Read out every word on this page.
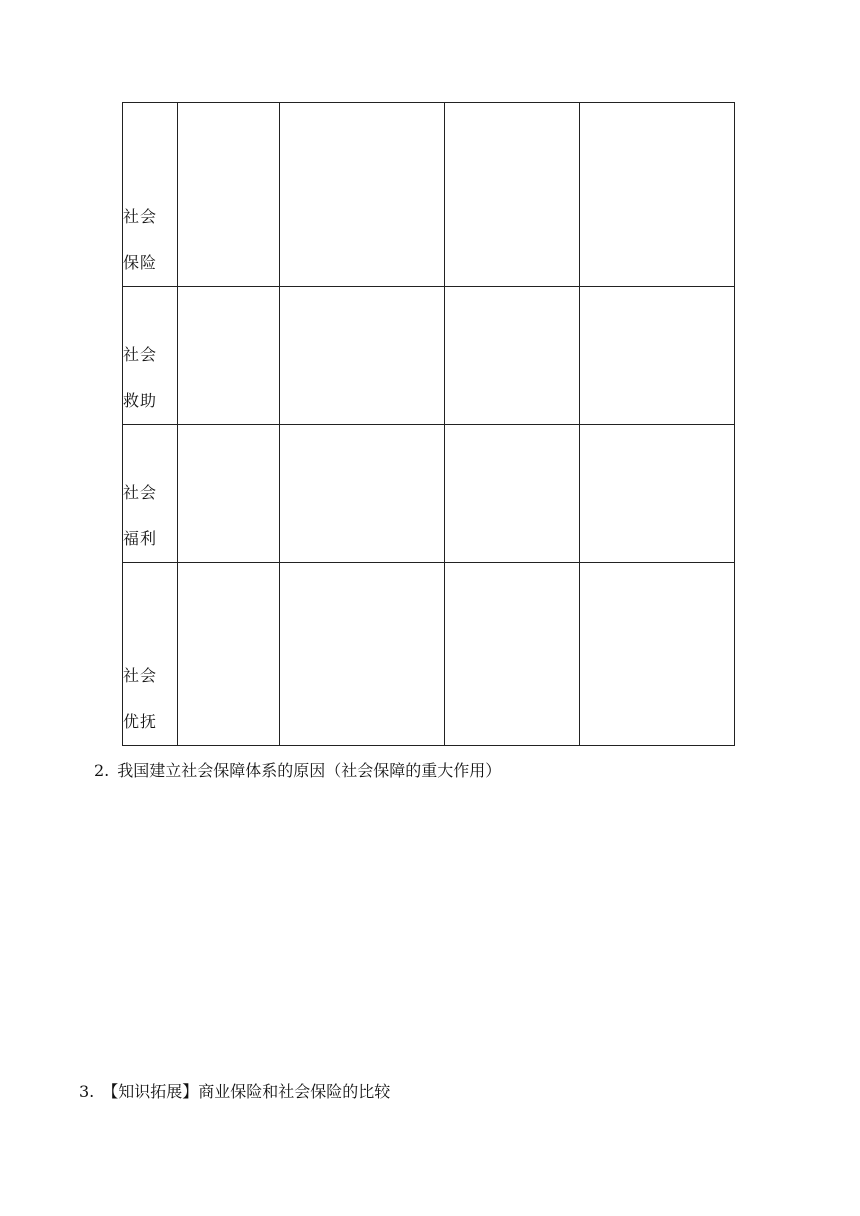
社会
保险				

社会
救助				

社会
福利				

社会
优抚				

2. 我国建立社会保障体系的原因（社会保障的重大作用）
3. 【知识拓展】商业保险和社会保险的比较
